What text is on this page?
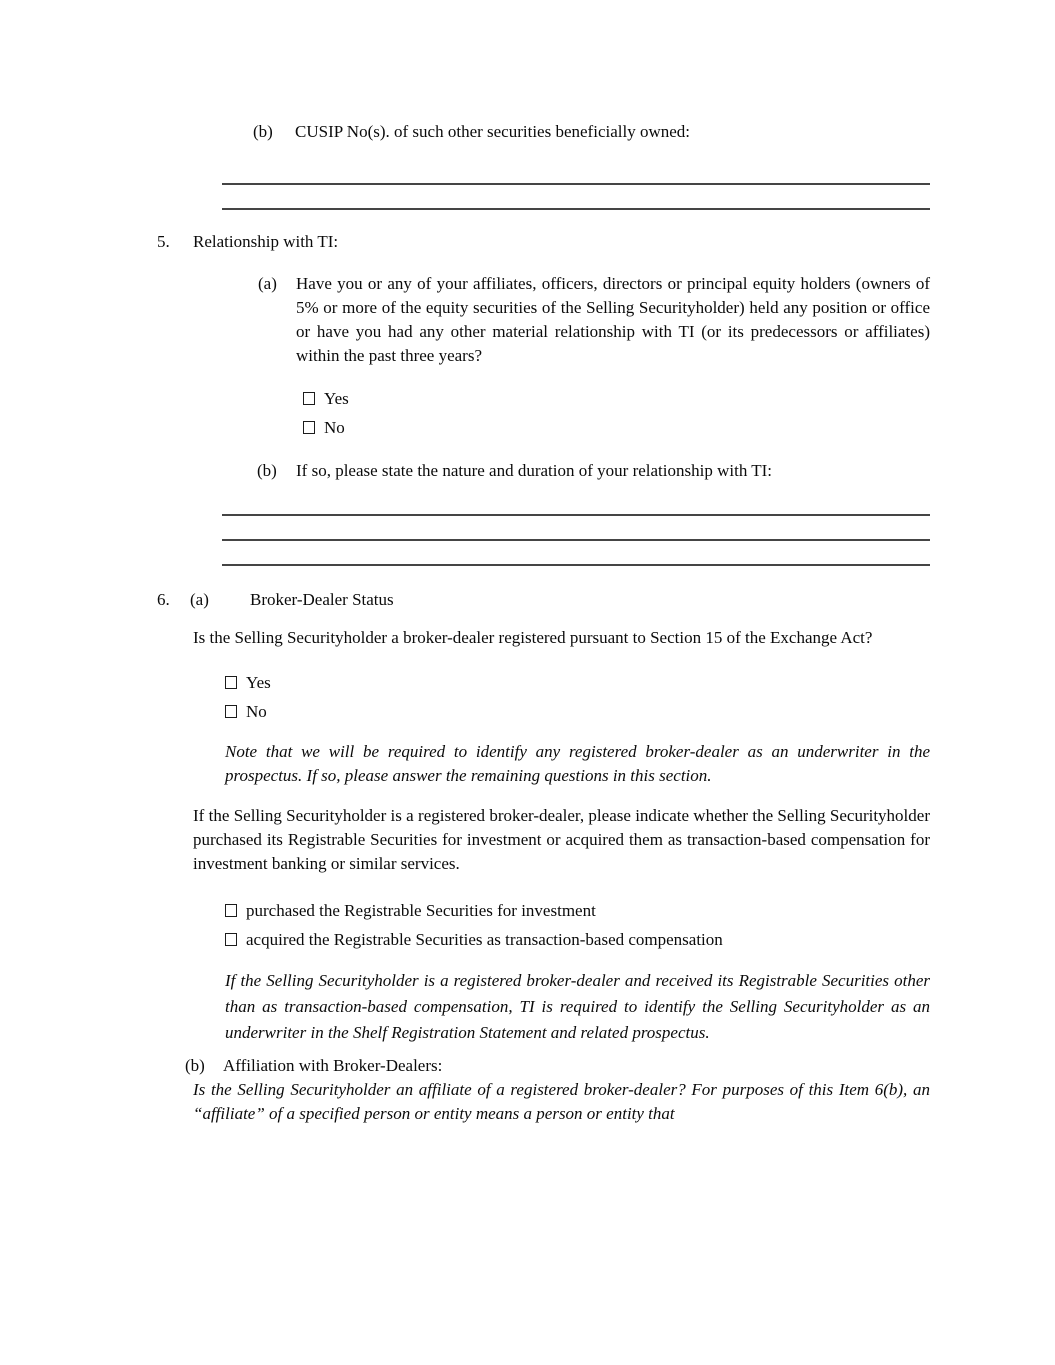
(b) CUSIP No(s). of such other securities beneficially owned:
5. Relationship with TI:
(a) Have you or any of your affiliates, officers, directors or principal equity holders (owners of 5% or more of the equity securities of the Selling Securityholder) held any position or office or have you had any other material relationship with TI (or its predecessors or affiliates) within the past three years?
Yes
No
(b) If so, please state the nature and duration of your relationship with TI:
6. (a) Broker-Dealer Status
Is the Selling Securityholder a broker-dealer registered pursuant to Section 15 of the Exchange Act?
Yes
No
Note that we will be required to identify any registered broker-dealer as an underwriter in the prospectus. If so, please answer the remaining questions in this section.
If the Selling Securityholder is a registered broker-dealer, please indicate whether the Selling Securityholder purchased its Registrable Securities for investment or acquired them as transaction-based compensation for investment banking or similar services.
purchased the Registrable Securities for investment
acquired the Registrable Securities as transaction-based compensation
If the Selling Securityholder is a registered broker-dealer and received its Registrable Securities other than as transaction-based compensation, TI is required to identify the Selling Securityholder as an underwriter in the Shelf Registration Statement and related prospectus.
(b) Affiliation with Broker-Dealers:
Is the Selling Securityholder an affiliate of a registered broker-dealer? For purposes of this Item 6(b), an “affiliate” of a specified person or entity means a person or entity that
